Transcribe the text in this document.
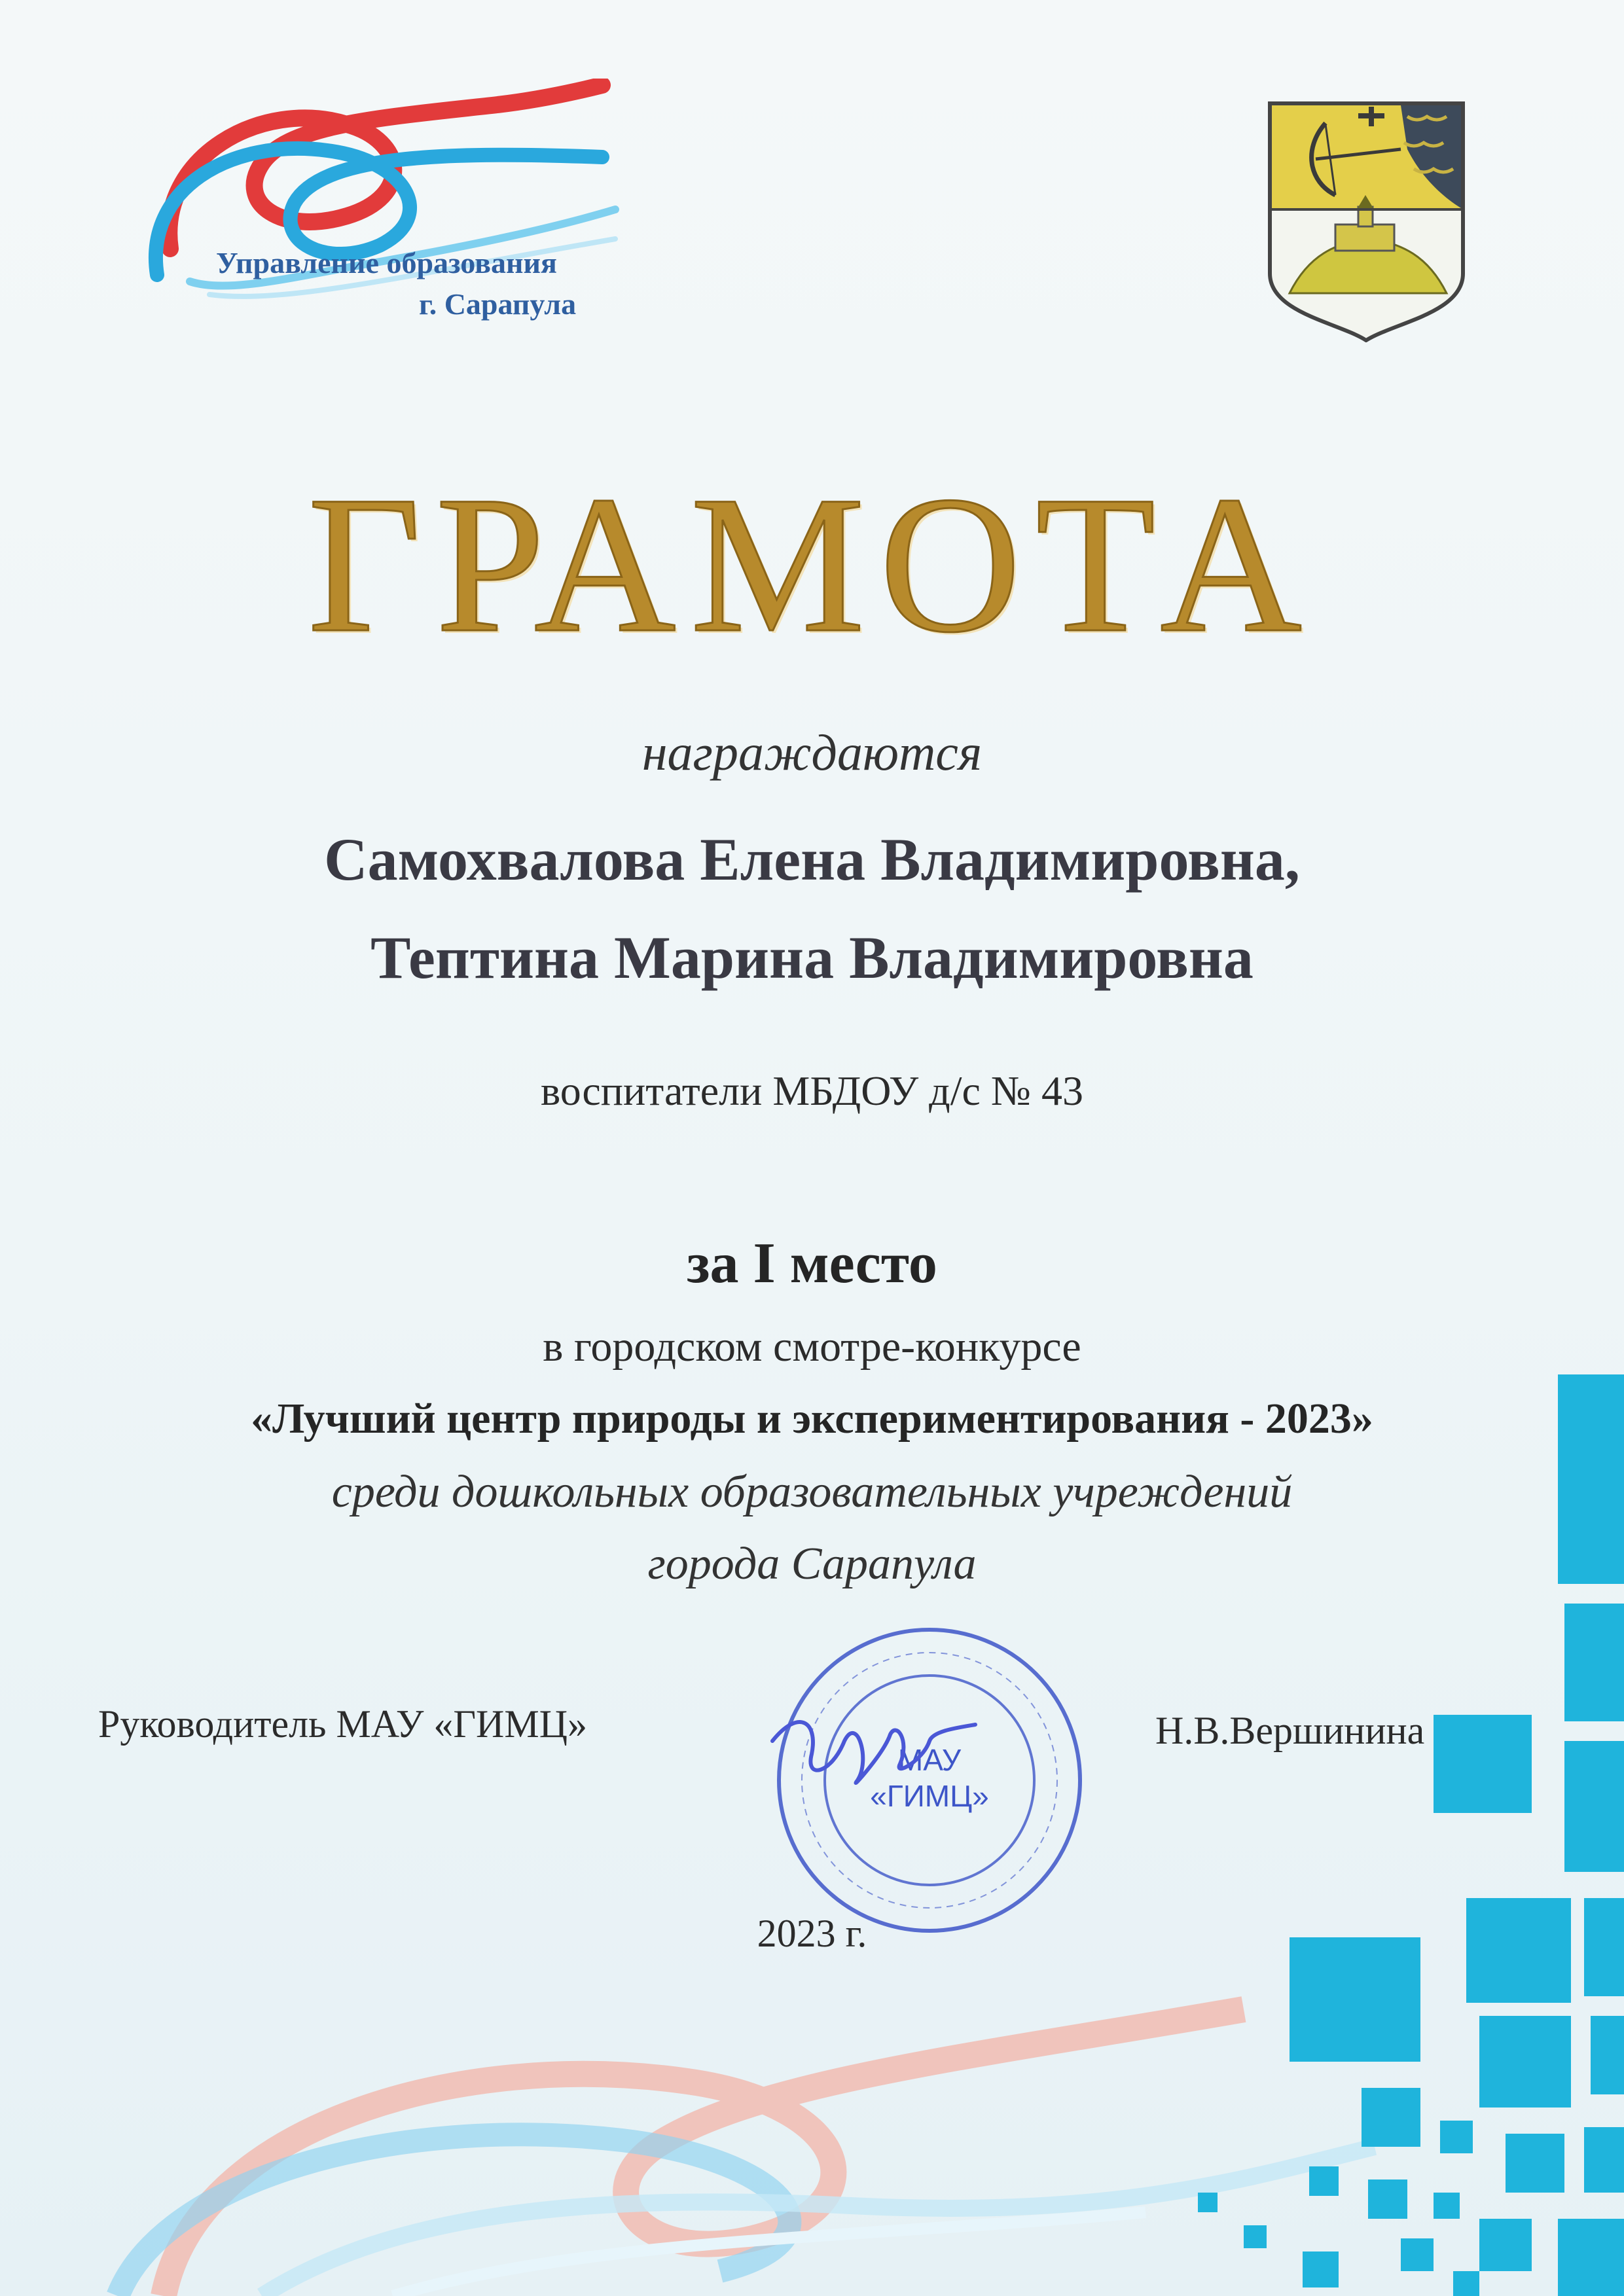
Управление образования
г. Сарапула
ГРАМОТА
награждаются
Самохвалова Елена Владимировна,
Тептина Марина Владимировна
воспитатели МБДОУ д/с № 43
за I место
в городском смотре-конкурсе
«Лучший центр природы и экспериментирования - 2023»
среди дошкольных образовательных учреждений
города Сарапула
МАУ
«ГИМЦ»
Руководитель МАУ «ГИМЦ»	Н.В.Вершинина
2023 г.
